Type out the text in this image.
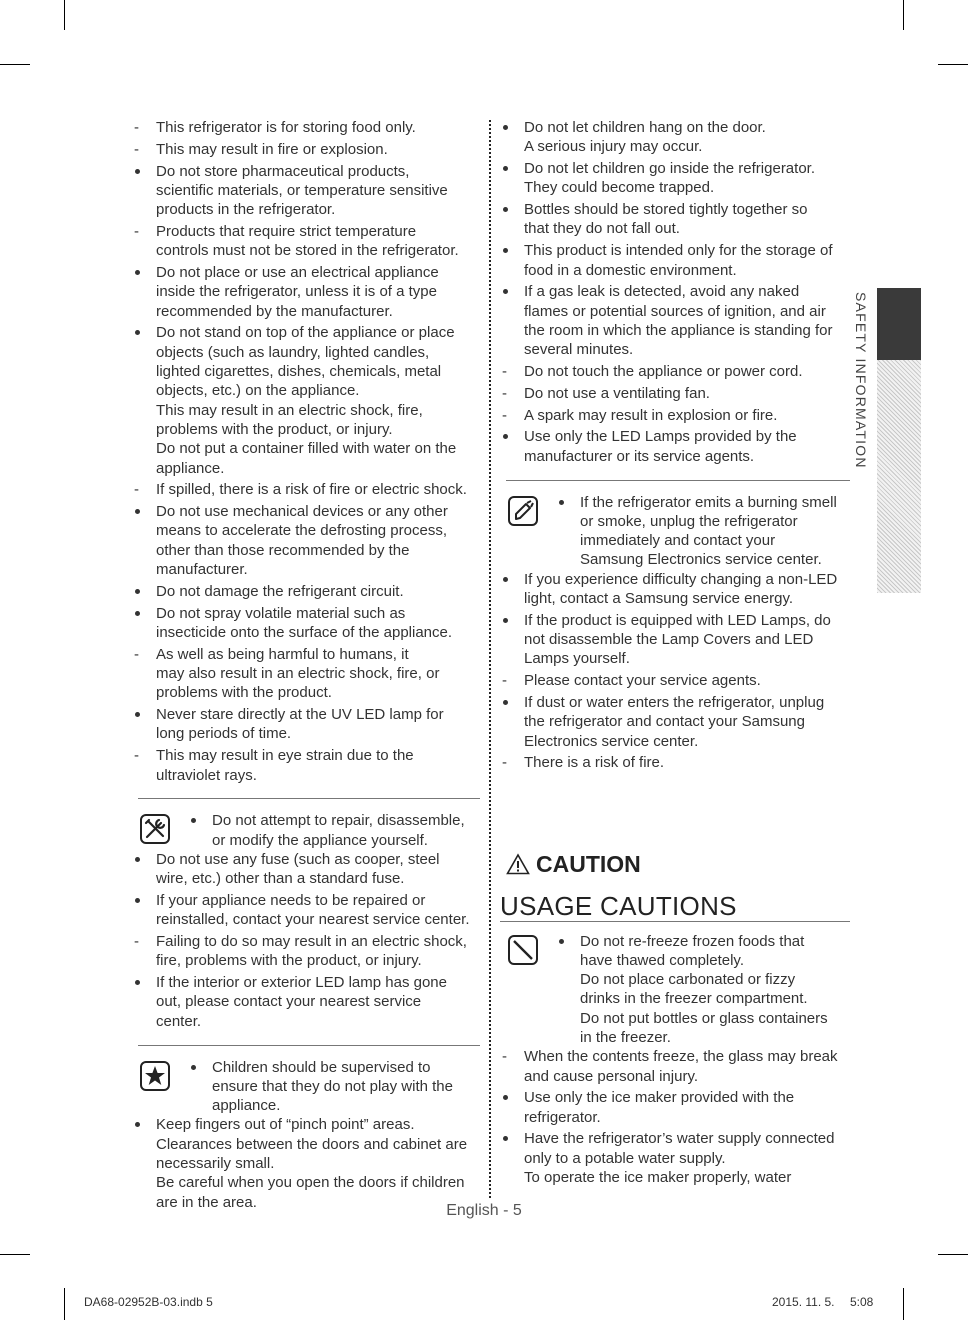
This refrigerator is for storing food only.
This may result in fire or explosion.
Do not store pharmaceutical products,
scientific materials, or temperature sensitive
products in the refrigerator.
Products that require strict temperature
controls must not be stored in the refrigerator.
Do not place or use an electrical appliance
inside the refrigerator, unless it is of a type
recommended by the manufacturer.
Do not stand on top of the appliance or place
objects (such as laundry, lighted candles,
lighted cigarettes, dishes, chemicals, metal
objects, etc.) on the appliance.
This may result in an electric shock, fire,
problems with the product, or injury.
Do not put a container filled with water on the
appliance.
If spilled, there is a risk of fire or electric shock.
Do not use mechanical devices or any other
means to accelerate the defrosting process,
other than those recommended by the
manufacturer.
Do not damage the refrigerant circuit.
Do not spray volatile material such as
insecticide onto the surface of the appliance.
As well as being harmful to humans, it
may also result in an electric shock, fire, or
problems with the product.
Never stare directly at the UV LED lamp for
long periods of time.
This may result in eye strain due to the
ultraviolet rays.
Do not attempt to repair, disassemble,
or modify the appliance yourself.
Do not use any fuse (such as cooper, steel
wire, etc.) other than a standard fuse.
If your appliance needs to be repaired or
reinstalled, contact your nearest service center.
Failing to do so may result in an electric shock,
fire, problems with the product, or injury.
If the interior or exterior LED lamp has gone
out, please contact your nearest service
center.
Children should be supervised to
ensure that they do not play with the
appliance.
Keep fingers out of “pinch point” areas.
Clearances between the doors and cabinet are
necessarily small.
Be careful when you open the doors if children
are in the area.
Do not let children hang on the door.
A serious injury may occur.
Do not let children go inside the refrigerator.
They could become trapped.
Bottles should be stored tightly together so
that they do not fall out.
This product is intended only for the storage of
food in a domestic environment.
If a gas leak is detected, avoid any naked
flames or potential sources of ignition, and air
the room in which the appliance is standing for
several minutes.
Do not touch the appliance or power cord.
Do not use a ventilating fan.
A spark may result in explosion or fire.
Use only the LED Lamps provided by the
manufacturer or its service agents.
If the refrigerator emits a burning smell
or smoke, unplug the refrigerator
immediately and contact your
Samsung Electronics service center.
If you experience difficulty changing a non-LED
light, contact a Samsung service energy.
If the product is equipped with LED Lamps, do
not disassemble the Lamp Covers and LED
Lamps yourself.
Please contact your service agents.
If dust or water enters the refrigerator, unplug
the refrigerator and contact your Samsung
Electronics service center.
There is a risk of fire.
CAUTION
USAGE CAUTIONS
Do not re-freeze frozen foods that
have thawed completely.
Do not place carbonated or fizzy
drinks in the freezer compartment.
Do not put bottles or glass containers
in the freezer.
When the contents freeze, the glass may break
and cause personal injury.
Use only the ice maker provided with the
refrigerator.
Have the refrigerator’s water supply connected
only to a potable water supply.
To operate the ice maker properly, water
SAFETY INFORMATION
English - 5
DA68-02952B-03.indb 5	2015. 11. 5. ⠀ 5:08
